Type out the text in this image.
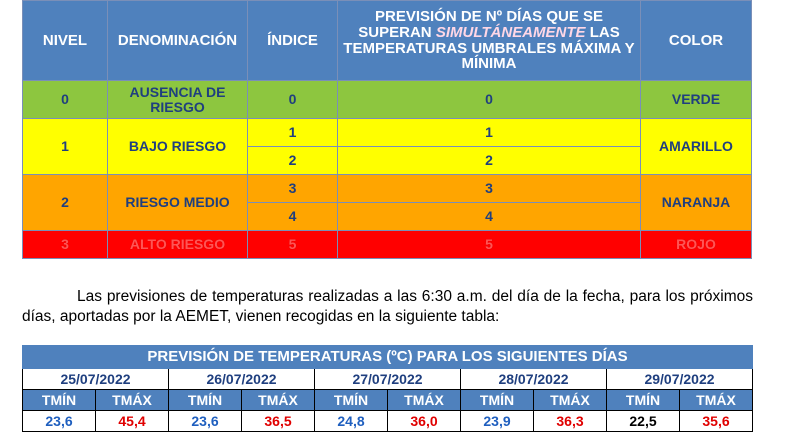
NIVEL	DENOMINACIÓN	ÍNDICE	PREVISIÓN DE Nº DÍAS QUE SE SUPERAN SIMULTÁNEAMENTE LAS TEMPERATURAS UMBRALES MÁXIMA Y MÍNIMA	COLOR
0	AUSENCIA DE RIESGO	0	0	VERDE
1	BAJO RIESGO	1	1	AMARILLO
		2	2	
2	RIESGO MEDIO	3	3	NARANJA
		4	4	
3	ALTO RIESGO	5	5	ROJO

Las previsiones de temperaturas realizadas a las 6:30 a.m. del día de la fecha, para los próximos días, aportadas por la AEMET, vienen recogidas en la siguiente tabla:

PREVISIÓN DE TEMPERATURAS (ºC) PARA LOS SIGUIENTES DÍAS									
25/07/2022		26/07/2022		27/07/2022		28/07/2022		29/07/2022	
TMÍN	TMÁX	TMÍN	TMÁX	TMÍN	TMÁX	TMÍN	TMÁX	TMÍN	TMÁX
23,6	45,4	23,6	36,5	24,8	36,0	23,9	36,3	22,5	35,6
